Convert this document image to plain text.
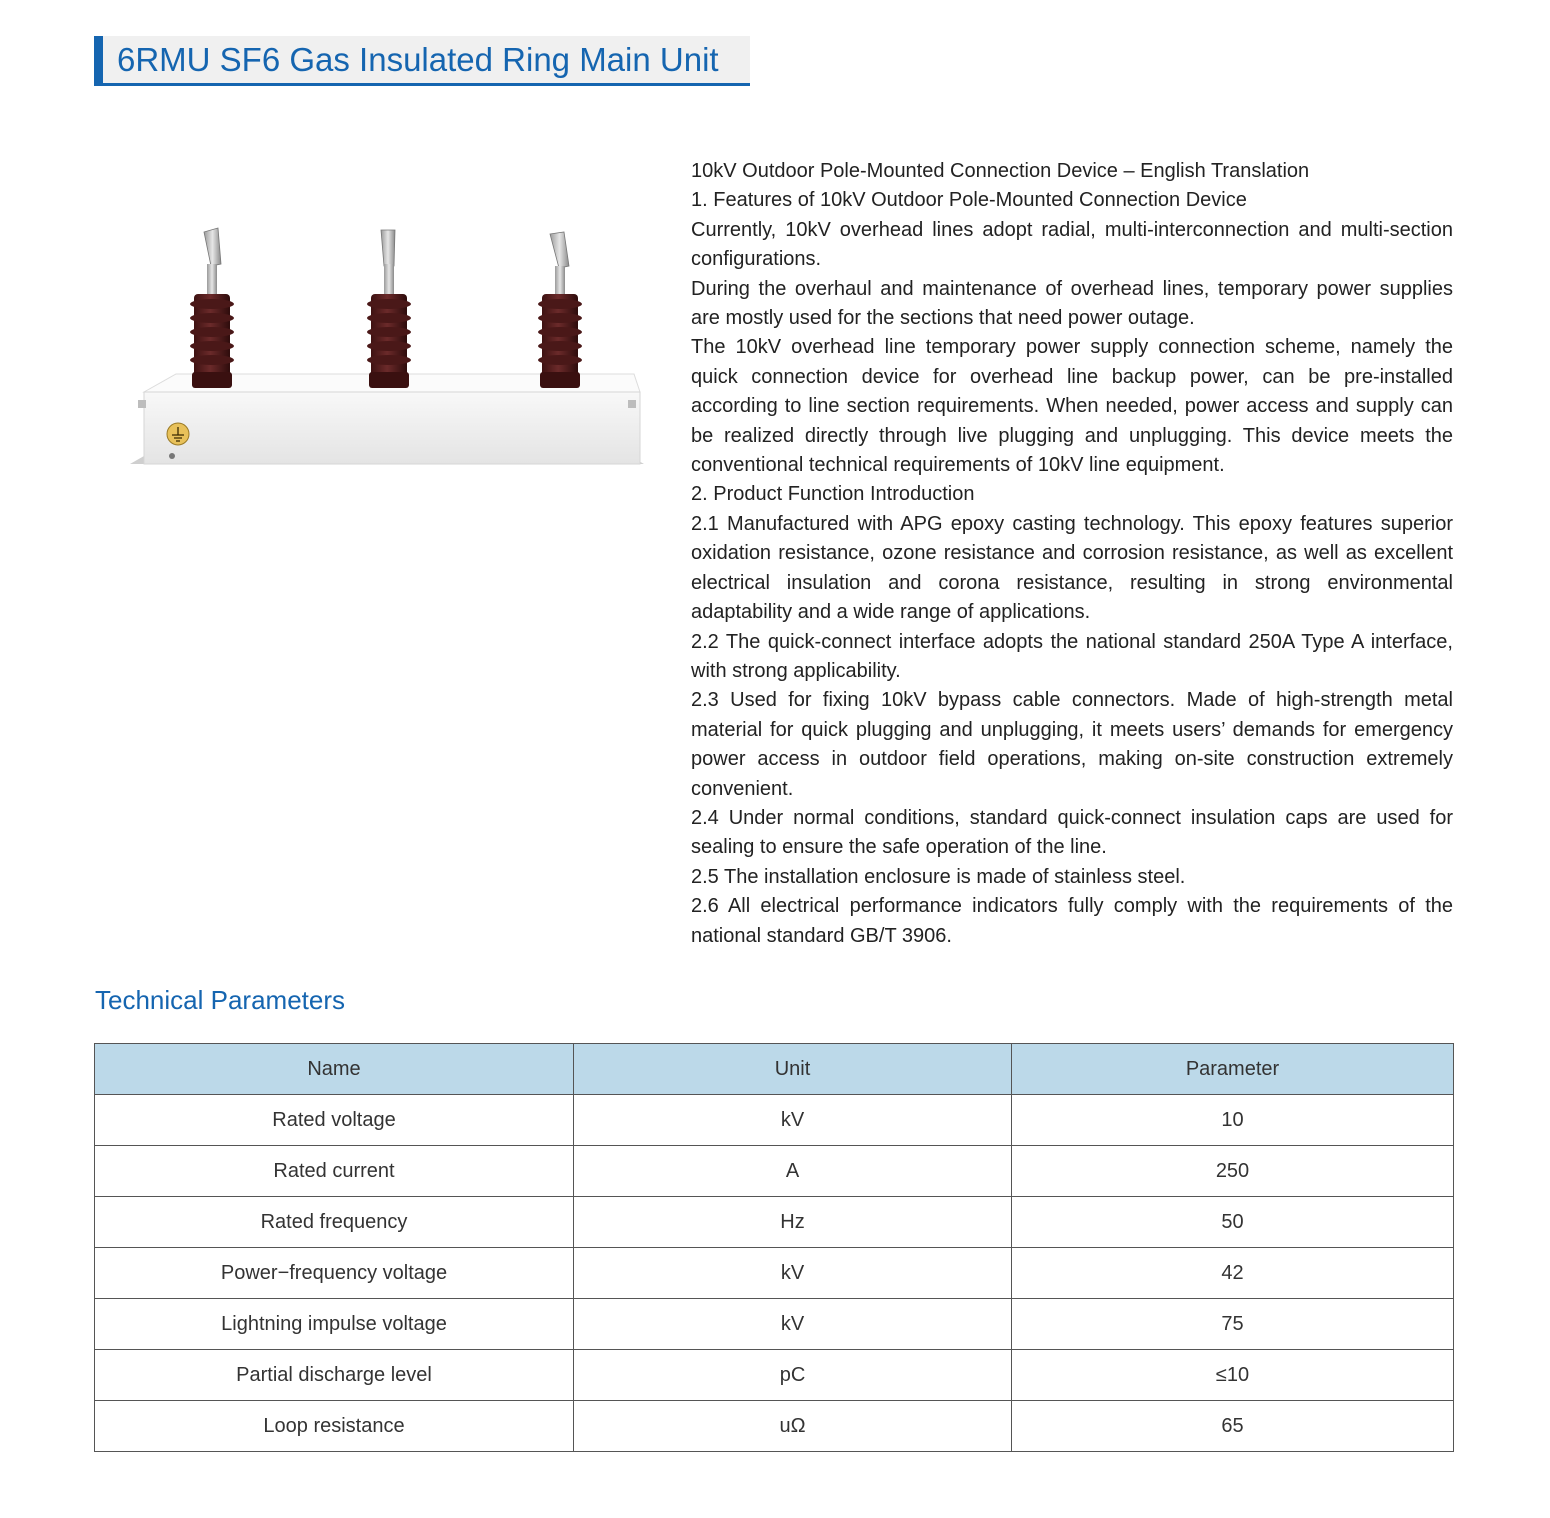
6RMU SF6 Gas Insulated Ring Main Unit

10kV Outdoor Pole-Mounted Connection Device – English Translation

1. Features of 10kV Outdoor Pole-Mounted Connection Device

Currently, 10kV overhead lines adopt radial, multi-interconnection and multi-section configurations.

During the overhaul and maintenance of overhead lines, temporary power supplies are mostly used for the sections that need power outage.

The 10kV overhead line temporary power supply connection scheme, namely the quick connection device for overhead line backup power, can be pre-installed according to line section requirements. When needed, power access and supply can be realized directly through live plugging and unplugging. This device meets the conventional technical requirements of 10kV line equipment.

2. Product Function Introduction

2.1 Manufactured with APG epoxy casting technology. This epoxy features superior oxidation resistance, ozone resistance and corrosion resistance, as well as excellent electrical insulation and corona resistance, resulting in strong environmental adaptability and a wide range of applications.

2.2 The quick-connect interface adopts the national standard 250A Type A interface, with strong applicability.

2.3 Used for fixing 10kV bypass cable connectors. Made of high-strength metal material for quick plugging and unplugging, it meets users’ demands for emergency power access in outdoor field operations, making on-site construction extremely convenient.

2.4 Under normal conditions, standard quick-connect insulation caps are used for sealing to ensure the safe operation of the line.

2.5 The installation enclosure is made of stainless steel.

2.6 All electrical performance indicators fully comply with the requirements of the national standard GB/T 3906.

Technical Parameters
Name	Unit	Parameter
Rated voltage	kV	10
Rated current	A	250
Rated frequency	Hz	50
Power−frequency voltage	kV	42
Lightning impulse voltage	kV	75
Partial discharge level	pC	≤10
Loop resistance	uΩ	65
